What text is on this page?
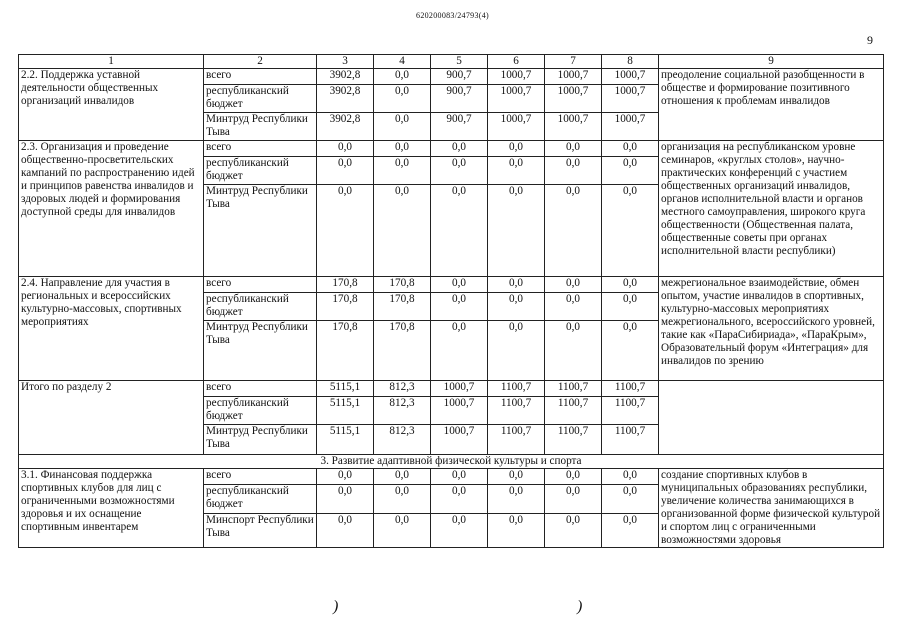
620200083/24793(4)
9
1	2	3	4	5	6	7	8	9
2.2. Поддержка уставной деятельности общественных организаций инвалидов	всего	3902,8	0,0	900,7	1000,7	1000,7	1000,7	преодоление социальной разобщенности в обществе и формирование позитивного отношения к проблемам инвалидов
	республиканский бюджет	3902,8	0,0	900,7	1000,7	1000,7	1000,7	
	Минтруд Республики Тыва	3902,8	0,0	900,7	1000,7	1000,7	1000,7	
2.3. Организация и проведение общественно-просветительских кампаний по распространению идей и принципов равенства инвалидов и здоровых людей и формирования доступной среды для инвалидов	всего	0,0	0,0	0,0	0,0	0,0	0,0	организация на республиканском уровне семинаров, «круглых столов», научно-практических конференций с участием общественных организаций инвалидов, органов исполнительной власти и органов местного самоуправления, широкого круга общественности (Общественная палата, общественные советы при органах исполнительной власти республики)
	республиканский бюджет	0,0	0,0	0,0	0,0	0,0	0,0	
	Минтруд Республики Тыва	0,0	0,0	0,0	0,0	0,0	0,0	
2.4. Направление для участия в региональных и всероссийских культурно-массовых, спортивных мероприятиях	всего	170,8	170,8	0,0	0,0	0,0	0,0	межрегиональное взаимодействие, обмен опытом, участие инвалидов в спортивных, культурно-массовых мероприятиях межрегионального, всероссийского уровней, такие как «ПараСибириада», «ПараКрым», Образовательный форум «Интеграция» для инвалидов по зрению
	республиканский бюджет	170,8	170,8	0,0	0,0	0,0	0,0	
	Минтруд Республики Тыва	170,8	170,8	0,0	0,0	0,0	0,0	
Итого по разделу 2	всего	5115,1	812,3	1000,7	1100,7	1100,7	1100,7	
	республиканский бюджет	5115,1	812,3	1000,7	1100,7	1100,7	1100,7	
	Минтруд Республики Тыва	5115,1	812,3	1000,7	1100,7	1100,7	1100,7	
3. Развитие адаптивной физической культуры и спорта								
3.1. Финансовая поддержка спортивных клубов для лиц с ограниченными возможностями здоровья и их оснащение спортивным инвентарем	всего	0,0	0,0	0,0	0,0	0,0	0,0	создание спортивных клубов в муниципальных образованиях республики, увеличение количества занимающихся в организованной форме физической культурой и спортом лиц с ограниченными возможностями здоровья
	республиканский бюджет	0,0	0,0	0,0	0,0	0,0	0,0	
	Минспорт Республики Тыва	0,0	0,0	0,0	0,0	0,0	0,0	
)	)
